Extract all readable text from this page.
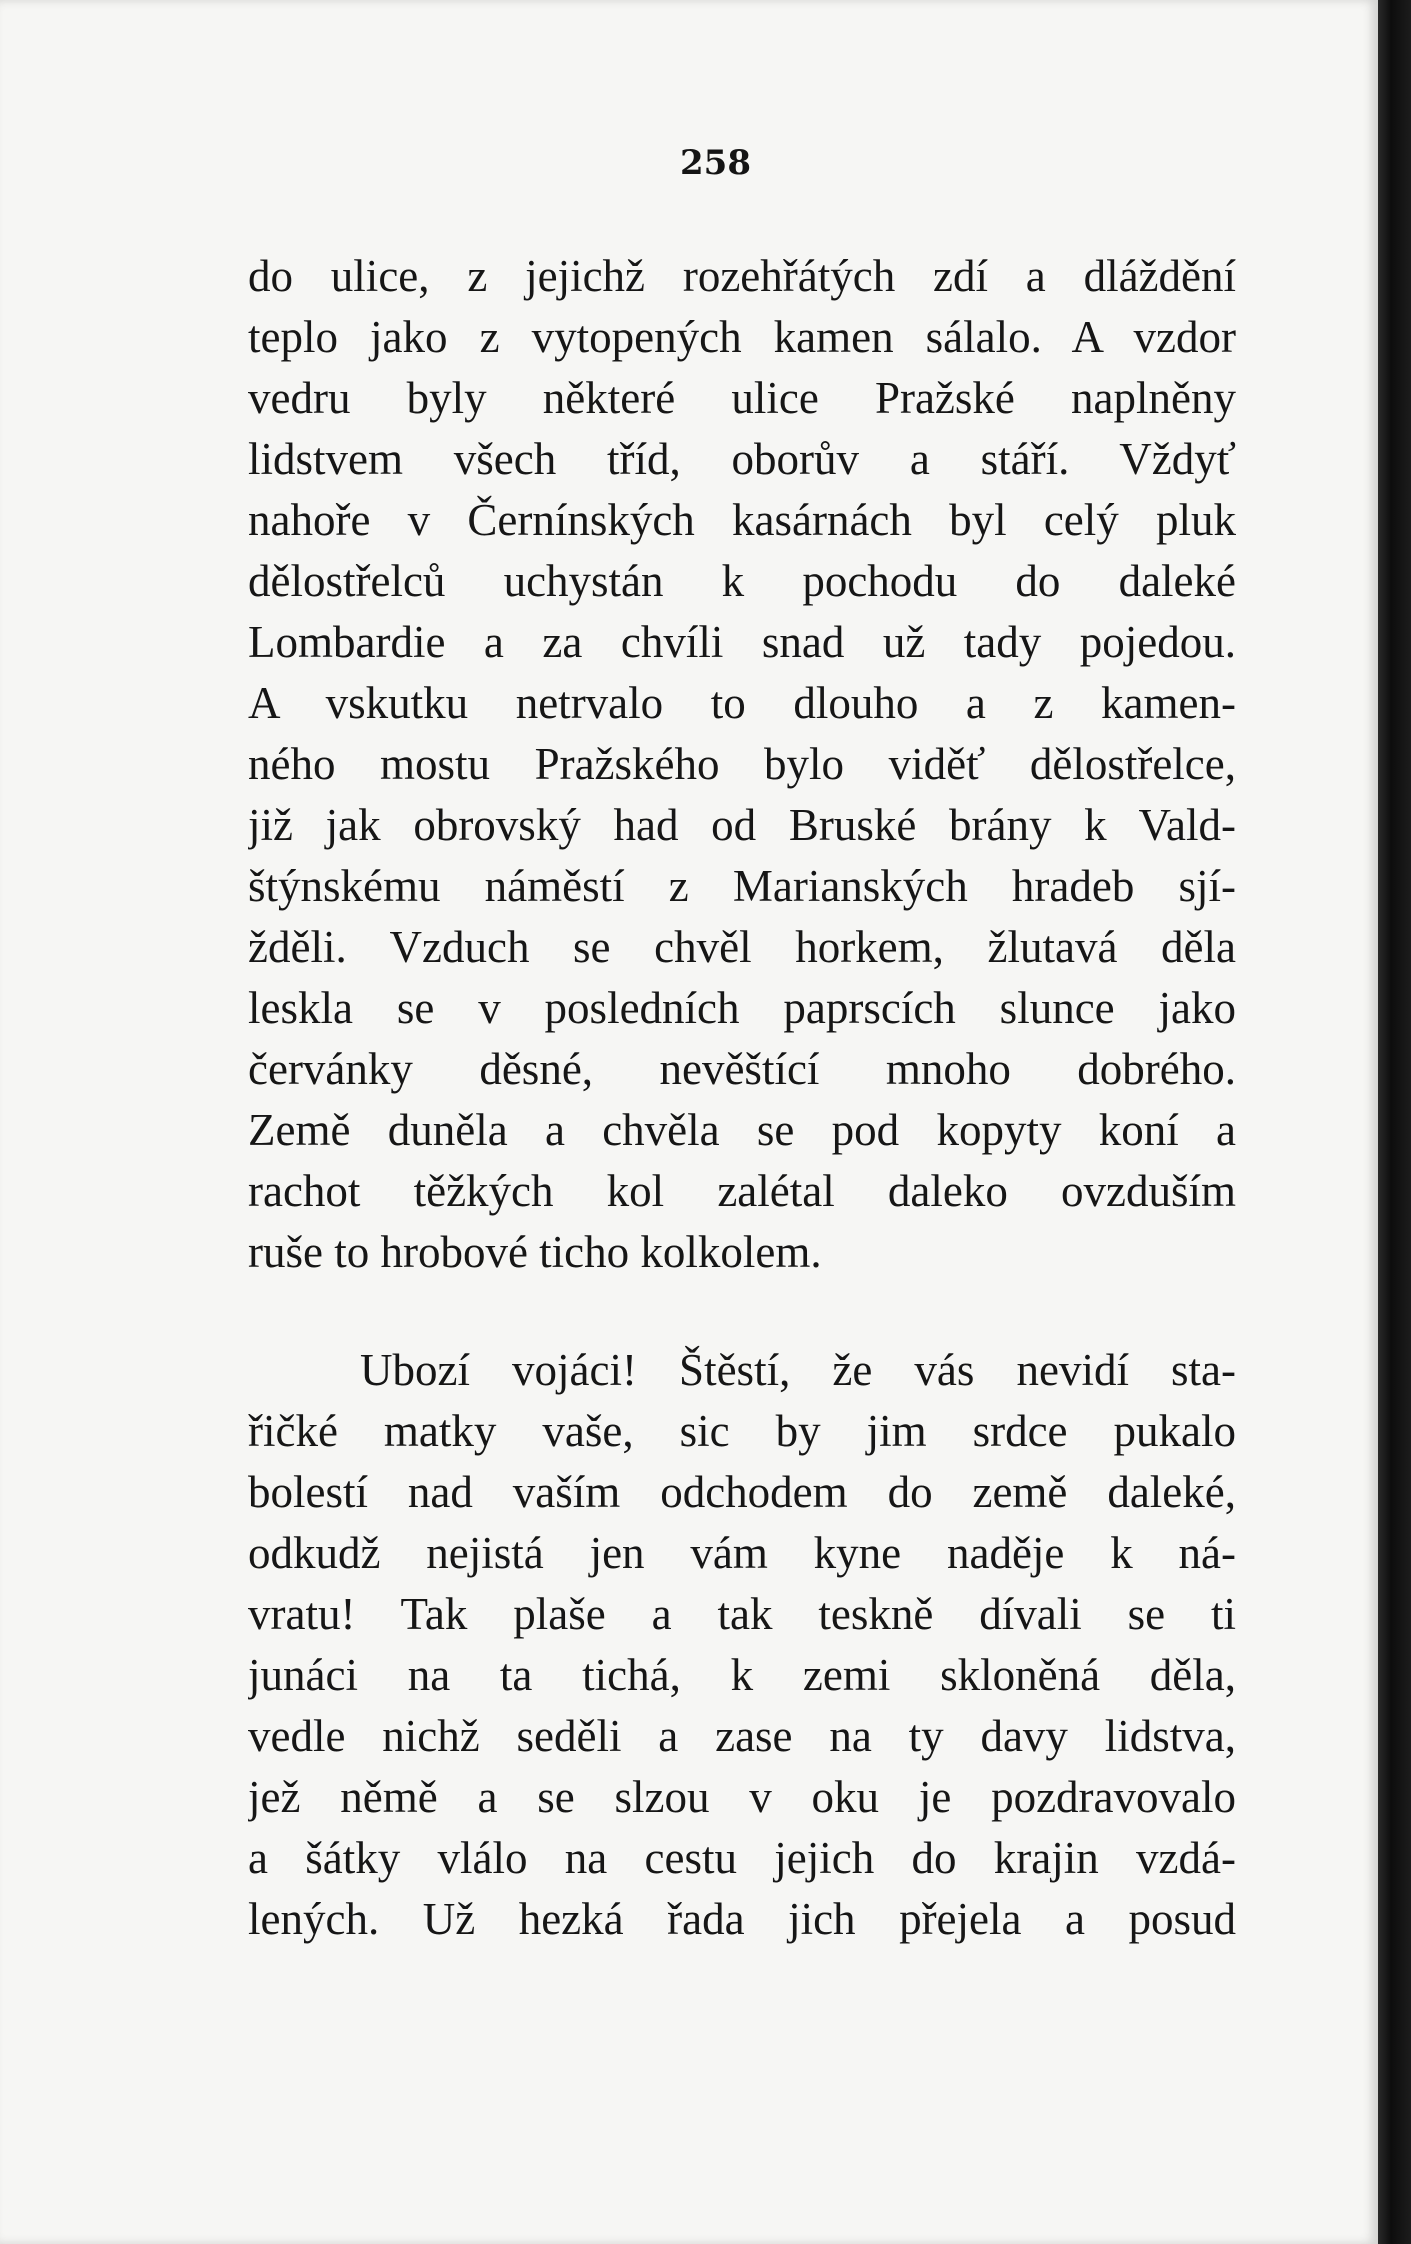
258
do ulice, z jejichž rozehřátých zdí a dláždění
teplo jako z vytopených kamen sálalo. A vzdor
vedru byly některé ulice Pražské naplněny
lidstvem všech tříd, oborův a stáří. Vždyť
nahoře v Černínských kasárnách byl celý pluk
dělostřelců uchystán k pochodu do daleké
Lombardie a za chvíli snad už tady pojedou.
A vskutku netrvalo to dlouho a z kamen-
ného mostu Pražského bylo viděť dělostřelce,
již jak obrovský had od Bruské brány k Vald-
štýnskému náměstí z Marianských hradeb sjí-
žděli. Vzduch se chvěl horkem, žlutavá děla
leskla se v posledních paprscích slunce jako
červánky děsné, nevěštící mnoho dobrého.
Země duněla a chvěla se pod kopyty koní a
rachot těžkých kol zalétal daleko ovzduším
ruše to hrobové ticho kolkolem.
Ubozí vojáci! Štěstí, že vás nevidí sta-
řičké matky vaše, sic by jim srdce pukalo
bolestí nad vaším odchodem do země daleké,
odkudž nejistá jen vám kyne naděje k ná-
vratu! Tak plaše a tak teskně dívali se ti
junáci na ta tichá, k zemi skloněná děla,
vedle nichž seděli a zase na ty davy lidstva,
jež němě a se slzou v oku je pozdravovalo
a šátky vlálo na cestu jejich do krajin vzdá-
lených. Už hezká řada jich přejela a posud
